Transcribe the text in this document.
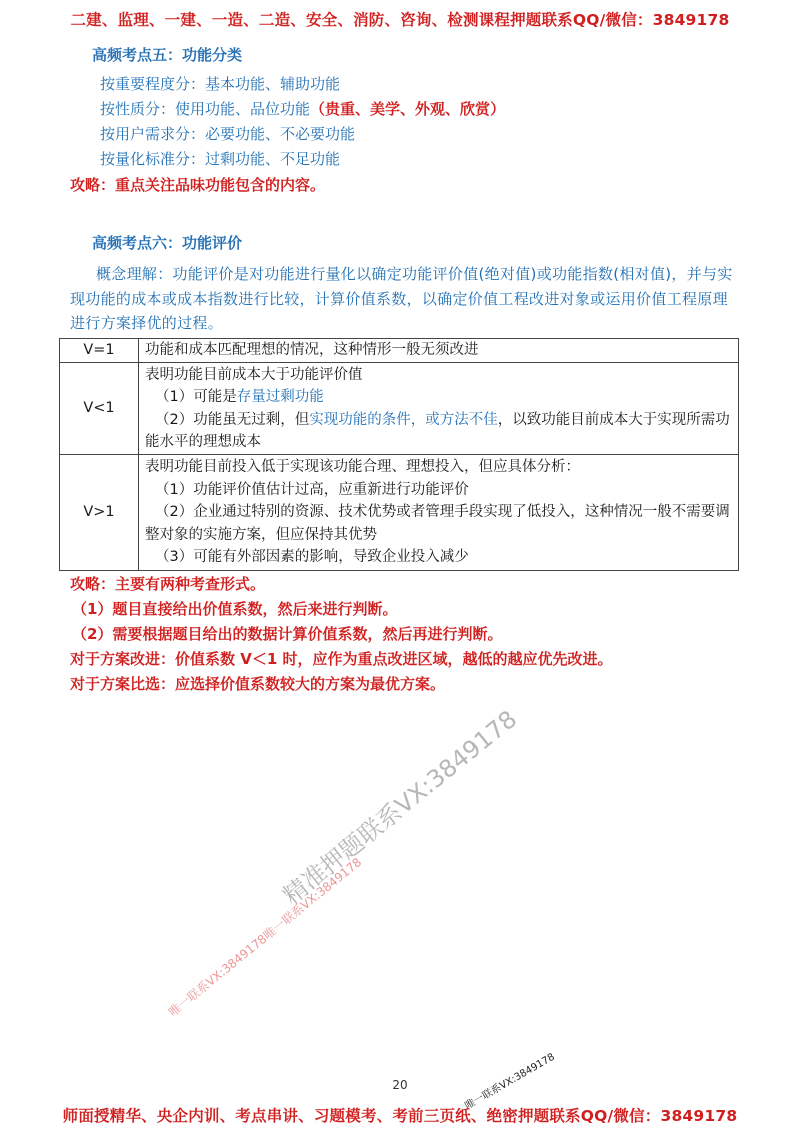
二建、监理、一建、一造、二造、安全、消防、咨询、检测课程押题联系QQ/微信：3849178
高频考点五：功能分类
按重要程度分：基本功能、辅助功能
按性质分：使用功能、品位功能（贵重、美学、外观、欣赏）
按用户需求分：必要功能、不必要功能
按量化标准分：过剩功能、不足功能
攻略：重点关注品味功能包含的内容。
高频考点六：功能评价
概念理解：功能评价是对功能进行量化以确定功能评价值(绝对值)或功能指数(相对值)，并与实现功能的成本或成本指数进行比较，计算价值系数，以确定价值工程改进对象或运用价值工程原理进行方案择优的过程。
V=1	功能和成本匹配理想的情况，这种情形一般无须改进
V<1	表明功能目前成本大于功能评价值
（1）可能是存量过剩功能
（2）功能虽无过剩，但实现功能的条件，或方法不佳，以致功能目前成本大于实现所需功能水平的理想成本

V>1	表明功能目前投入低于实现该功能合理、理想投入，但应具体分析：
（1）功能评价值估计过高，应重新进行功能评价
（2）企业通过特别的资源、技术优势或者管理手段实现了低投入，这种情况一般不需要调整对象的实施方案，但应保持其优势
（3）可能有外部因素的影响，导致企业投入减少
攻略：主要有两种考查形式。
（1）题目直接给出价值系数，然后来进行判断。
（2）需要根据题目给出的数据计算价值系数，然后再进行判断。
对于方案改进：价值系数 V＜1 时，应作为重点改进区域，越低的越应优先改进。
对于方案比选：应选择价值系数较大的方案为最优方案。
精准押题联系VX:3849178
唯一联系VX:3849178唯一联系VX:3849178
唯一联系VX:3849178
20
师面授精华、央企内训、考点串讲、习题模考、考前三页纸、绝密押题联系QQ/微信：3849178
